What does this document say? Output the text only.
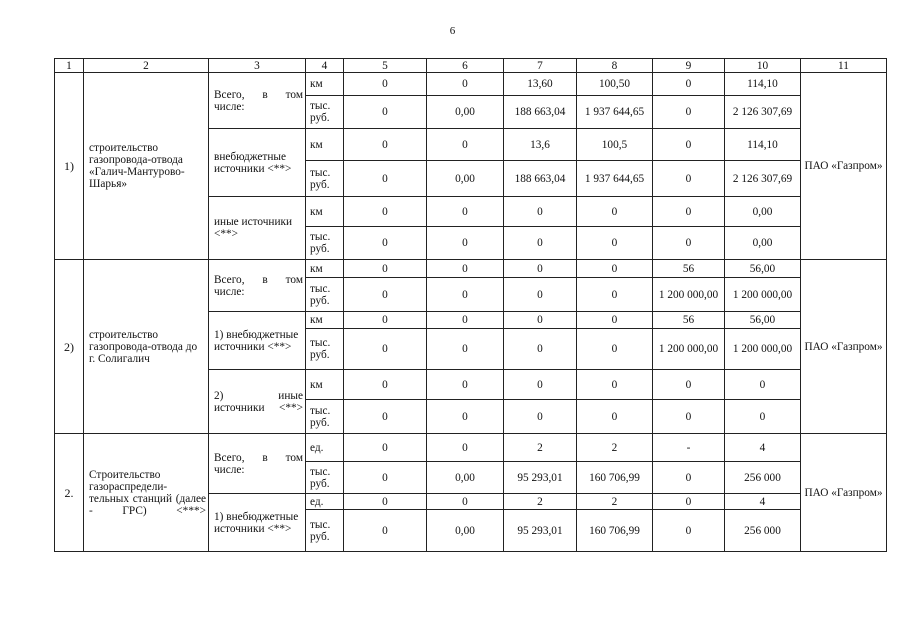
6
1	2	3	4	5	6	7	8	9	10	11
1)	строительство газопровода-отвода «Галич-Мантурово-Шарья»	Всего, в том числе:	км	0	0	13,60	100,50	0	114,10	ПАО «Газпром»
			тыс. руб.	0	0,00	188 663,04	1 937 644,65	0	2 126 307,69	
		внебюджетные источники <**>	км	0	0	13,6	100,5	0	114,10	
			тыс. руб.	0	0,00	188 663,04	1 937 644,65	0	2 126 307,69	
		иные источники <**>	км	0	0	0	0	0	0,00	
			тыс. руб.	0	0	0	0	0	0,00	
2)	строительство газопровода-отвода до г. Солигалич	Всего, в том числе:	км	0	0	0	0	56	56,00	ПАО «Газпром»
			тыс. руб.	0	0	0	0	1 200 000,00	1 200 000,00	
		1) внебюджетные источники <**>	км	0	0	0	0	56	56,00	
			тыс. руб.	0	0	0	0	1 200 000,00	1 200 000,00	

		2) иные источники <**>	км	0	0	0	0	0	0	
			тыс. руб.	0	0	0	0	0	0	
2.	Строительство газораспредели-тельных станций (далее - ГРС) <***>	Всего, в том числе:	ед.	0	0	2	2	-	4	ПАО «Газпром»
			тыс. руб.	0	0,00	95 293,01	160 706,99	0	256 000	
		1) внебюджетные источники <**>	ед.	0	0	2	2	0	4	
			тыс. руб.	0	0,00	95 293,01	160 706,99	0	256 000	
